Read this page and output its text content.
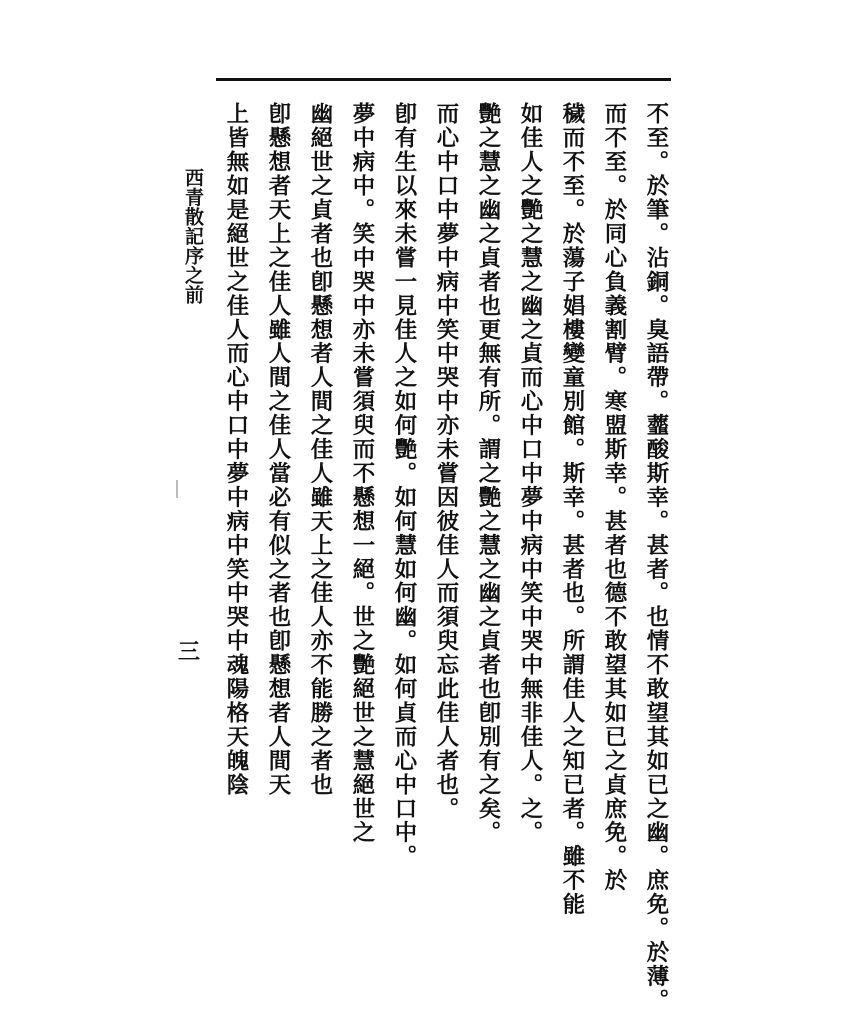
不至。於筆。沾銅。臭語帶。虀酸斯幸。甚者。也情不敢望其如已之幽。庶免。於薄。
而不至。於同心負義割臂。寒盟斯幸。甚者也德不敢望其如已之貞庶免。於
穢而不至。於蕩子娼樓變童別館。斯幸。甚者也。所謂佳人之知已者。雖不能
如佳人之艷之慧之幽之貞而心中口中夢中病中笑中哭中無非佳人。之。
艷之慧之幽之貞者也更無有所。謂之艷之慧之幽之貞者也卽別有之矣。
而心中口中夢中病中笑中哭中亦未嘗因彼佳人而須臾忘此佳人者也。
卽有生以來未嘗一見佳人之如何艷。如何慧如何幽。如何貞而心中口中。
夢中病中。笑中哭中亦未嘗須臾而不懸想一絕。世之艷絕世之慧絕世之
幽絕世之貞者也卽懸想者人間之佳人雖天上之佳人亦不能勝之者也
卽懸想者天上之佳人雖人間之佳人當必有似之者也卽懸想者人間天
上皆無如是絕世之佳人而心中口中夢中病中笑中哭中魂陽格天魄陰
西青散記序之前
三
